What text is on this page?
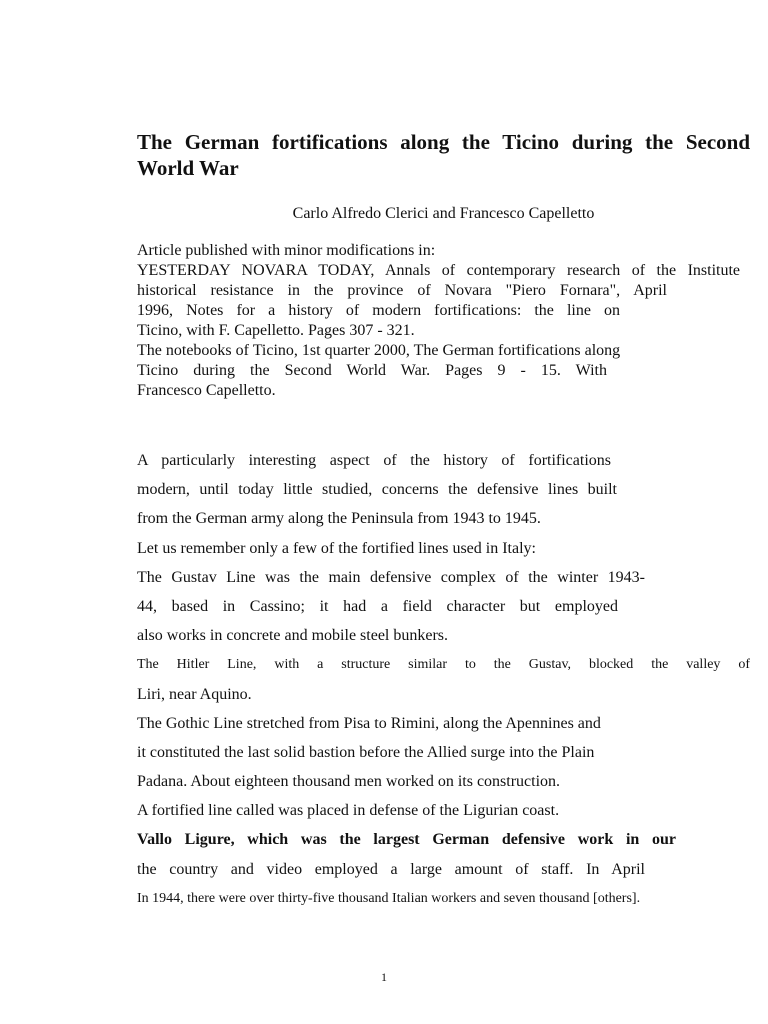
The German fortifications along the Ticino during the Second World War
Carlo Alfredo Clerici and Francesco Capelletto
Article published with minor modifications in:
YESTERDAY NOVARA TODAY, Annals of contemporary research of the Institute
historical resistance in the province of Novara "Piero Fornara", April
1996, Notes for a history of modern fortifications: the line on
Ticino, with F. Capelletto. Pages 307 - 321.
The notebooks of Ticino, 1st quarter 2000, The German fortifications along
Ticino during the Second World War. Pages 9 - 15. With
Francesco Capelletto.
A particularly interesting aspect of the history of fortifications
modern, until today little studied, concerns the defensive lines built
from the German army along the Peninsula from 1943 to 1945.
Let us remember only a few of the fortified lines used in Italy:
The Gustav Line was the main defensive complex of the winter 1943-
44, based in Cassino; it had a field character but employed
also works in concrete and mobile steel bunkers.
The Hitler Line, with a structure similar to the Gustav, blocked the valley of
Liri, near Aquino.
The Gothic Line stretched from Pisa to Rimini, along the Apennines and
it constituted the last solid bastion before the Allied surge into the Plain
Padana. About eighteen thousand men worked on its construction.
A fortified line called was placed in defense of the Ligurian coast.
Vallo Ligure, which was the largest German defensive work in our
the country and video employed a large amount of staff. In April
In 1944, there were over thirty-five thousand Italian workers and seven thousand [others].
1
